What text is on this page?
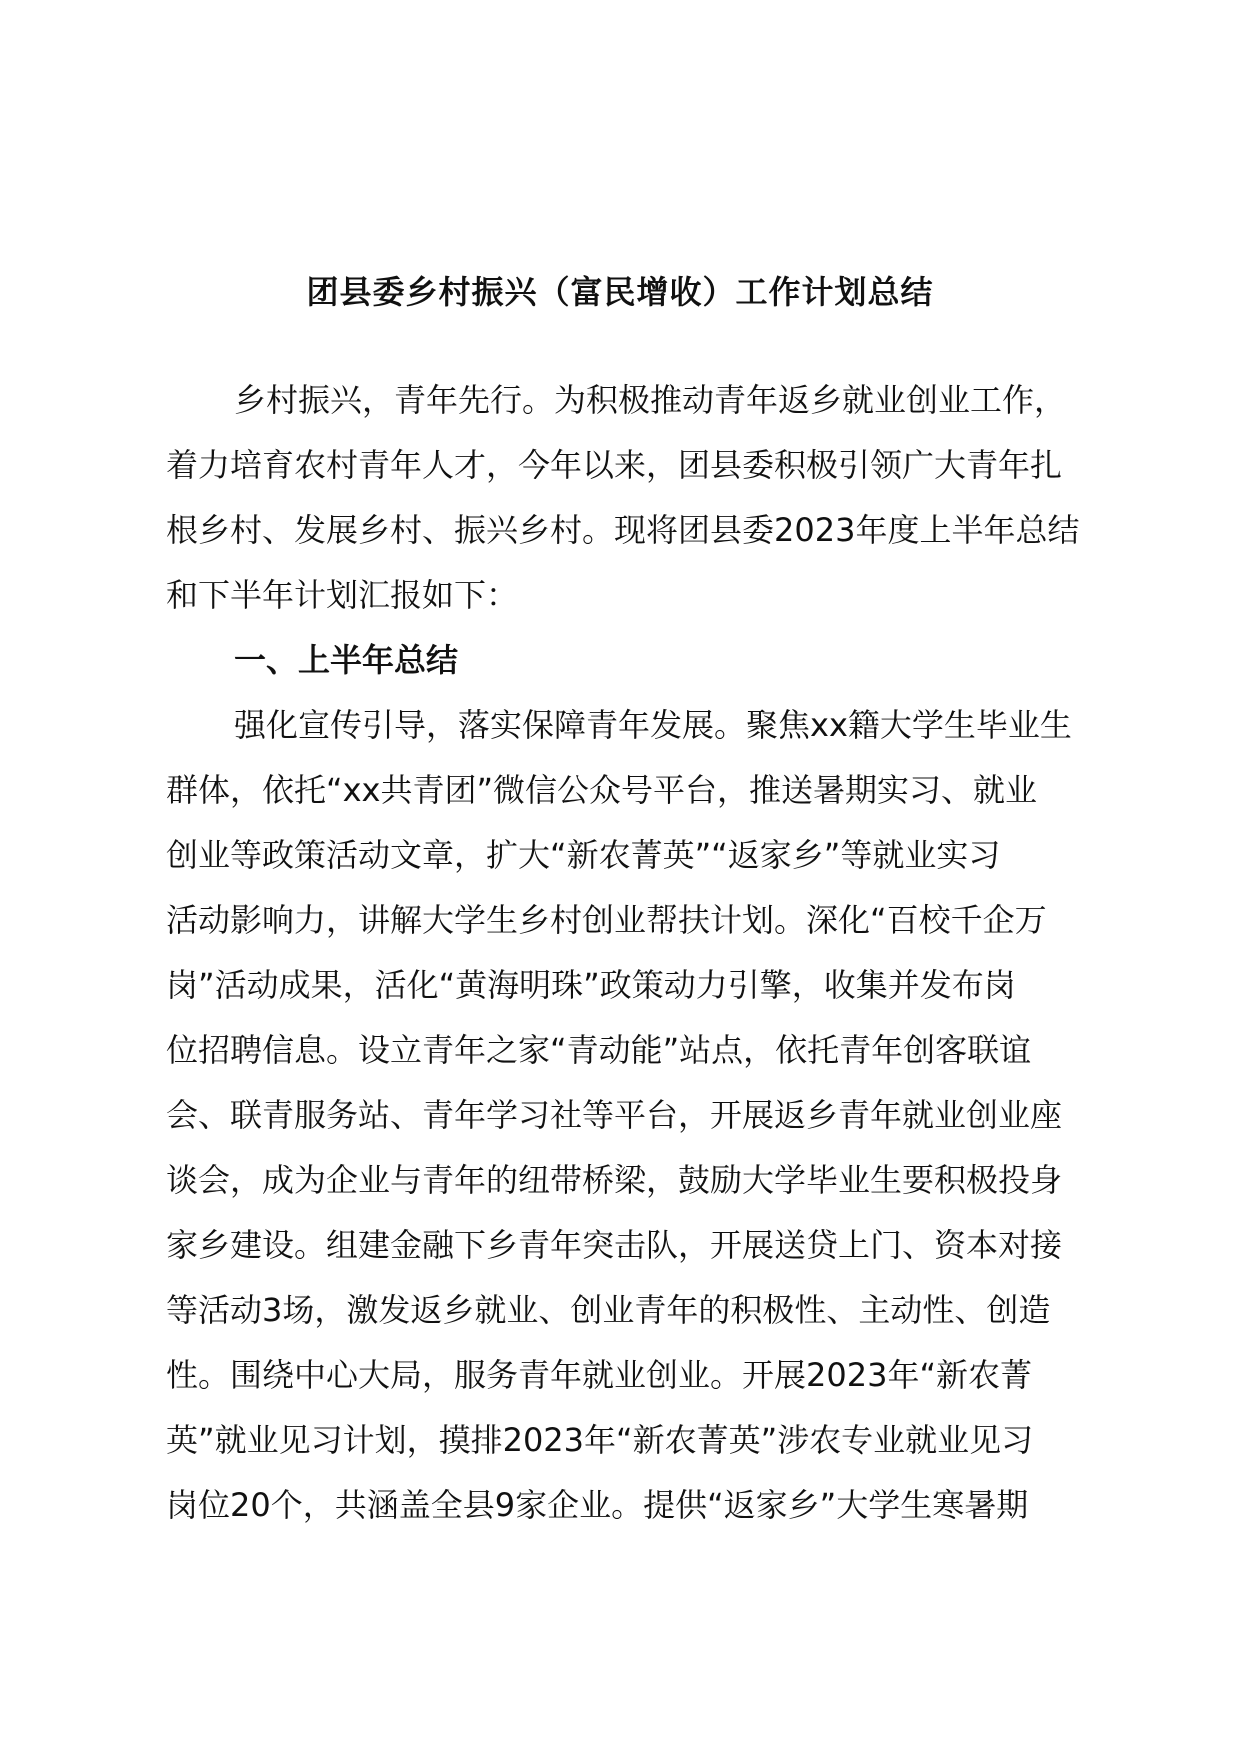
团县委乡村振兴（富民增收）工作计划总结
乡村振兴，青年先行。为积极推动青年返乡就业创业工作，
着力培育农村青年人才，今年以来，团县委积极引领广大青年扎
根乡村、发展乡村、振兴乡村。现将团县委2023年度上半年总结
和下半年计划汇报如下：
一、上半年总结
强化宣传引导，落实保障青年发展。聚焦xx籍大学生毕业生
群体，依托“xx共青团”微信公众号平台，推送暑期实习、就业
创业等政策活动文章，扩大“新农菁英”“返家乡”等就业实习
活动影响力，讲解大学生乡村创业帮扶计划。深化“百校千企万
岗”活动成果，活化“黄海明珠”政策动力引擎，收集并发布岗
位招聘信息。设立青年之家“青动能”站点，依托青年创客联谊
会、联青服务站、青年学习社等平台，开展返乡青年就业创业座
谈会，成为企业与青年的纽带桥梁，鼓励大学毕业生要积极投身
家乡建设。组建金融下乡青年突击队，开展送贷上门、资本对接
等活动3场，激发返乡就业、创业青年的积极性、主动性、创造
性。围绕中心大局，服务青年就业创业。开展2023年“新农菁
英”就业见习计划，摸排2023年“新农菁英”涉农专业就业见习
岗位20个，共涵盖全县9家企业。提供“返家乡”大学生寒暑期
